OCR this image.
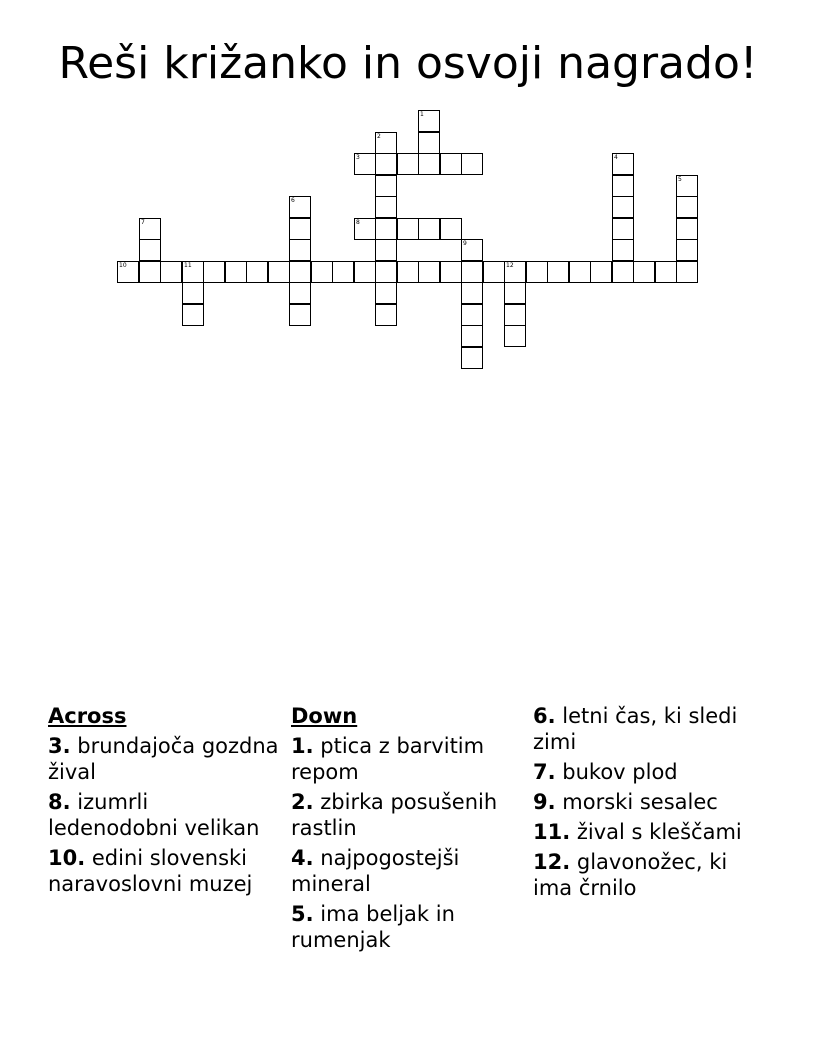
Reši križanko in osvoji nagrado!
10	11	12
3
8
1
2
4
5
6
7
9
Across
3. brundajoča gozdna žival
8. izumrli ledenodobni velikan
10. edini slovenski naravoslovni muzej
Down
1. ptica z barvitim repom
2. zbirka posušenih rastlin
4. najpogostejši mineral
5. ima beljak in rumenjak
6. letni čas, ki sledi zimi
7. bukov plod
9. morski sesalec
11. žival s kleščami
12. glavonožec, ki ima črnilo
